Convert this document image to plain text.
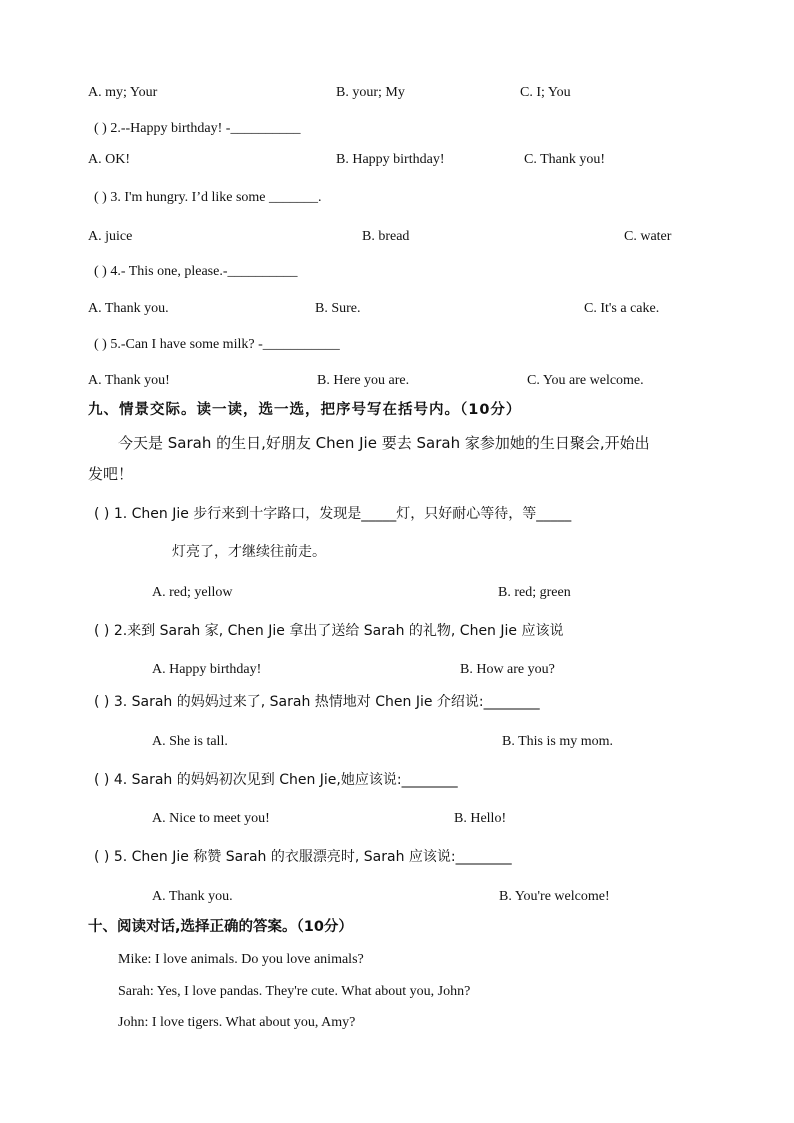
A. my; Your	B. your; My	C. I; You
( ) 2.--Happy birthday! -__________
A. OK!	B. Happy birthday!	C. Thank you!
( ) 3. I'm hungry. I’d like some _______.
A. juice	B. bread	C. water
( ) 4.- This one, please.-__________
A. Thank you.	B. Sure.	C. It's a cake.
( ) 5.-Can I have some milk? -___________
A. Thank you!	B. Here you are.	C. You are welcome.
九、情景交际。读一读，选一选，把序号写在括号内。（10分）
今天是 Sarah 的生日,好朋友 Chen Jie 要去 Sarah 家参加她的生日聚会,开始出
发吧！
( ) 1. Chen Jie 步行来到十字路口，发现是_____灯，只好耐心等待，等_____
灯亮了，才继续往前走。
A. red; yellow	B. red; green
( ) 2.来到 Sarah 家, Chen Jie 拿出了送给 Sarah 的礼物, Chen Jie 应该说
A. Happy birthday!	B. How are you?
( ) 3. Sarah 的妈妈过来了, Sarah 热情地对 Chen Jie 介绍说:________
A. She is tall.	B. This is my mom.
( ) 4. Sarah 的妈妈初次见到 Chen Jie,她应该说:________
A. Nice to meet you!	B. Hello!
( ) 5. Chen Jie 称赞 Sarah 的衣服漂亮时, Sarah 应该说:________
A. Thank you.	B. You're welcome!
十、阅读对话,选择正确的答案。（10分）
Mike: I love animals. Do you love animals?
Sarah: Yes, I love pandas. They're cute. What about you, John?
John: I love tigers. What about you, Amy?
